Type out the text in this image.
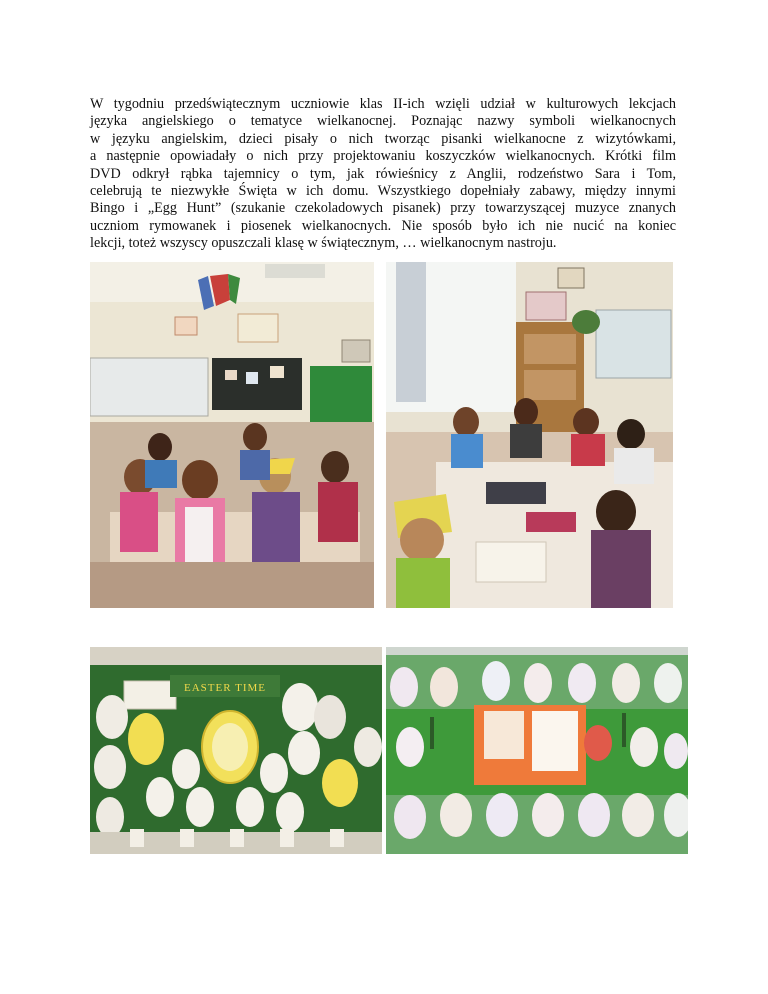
W tygodniu przedświątecznym uczniowie klas II-ich wzięli udział w kulturowych lekcjach
języka angielskiego o tematyce wielkanocnej. Poznając nazwy symboli wielkanocnych
w języku angielskim, dzieci pisały o nich tworząc pisanki wielkanocne z wizytówkami,
a następnie opowiadały o nich przy projektowaniu koszyczków wielkanocnych. Krótki film
DVD odkrył rąbka tajemnicy o tym, jak rówieśnicy z Anglii, rodzeństwo Sara i Tom,
celebrują te niezwykłe Święta w ich domu. Wszystkiego dopełniały zabawy, między innymi
Bingo i „Egg Hunt” (szukanie czekoladowych pisanek) przy towarzyszącej muzyce znanych
uczniom rymowanek i piosenek wielkanocnych. Nie sposób było ich nie nucić na koniec
lekcji, toteż wszyscy opuszczali klasę w świątecznym, … wielkanocnym nastroju.
EASTER TIME
